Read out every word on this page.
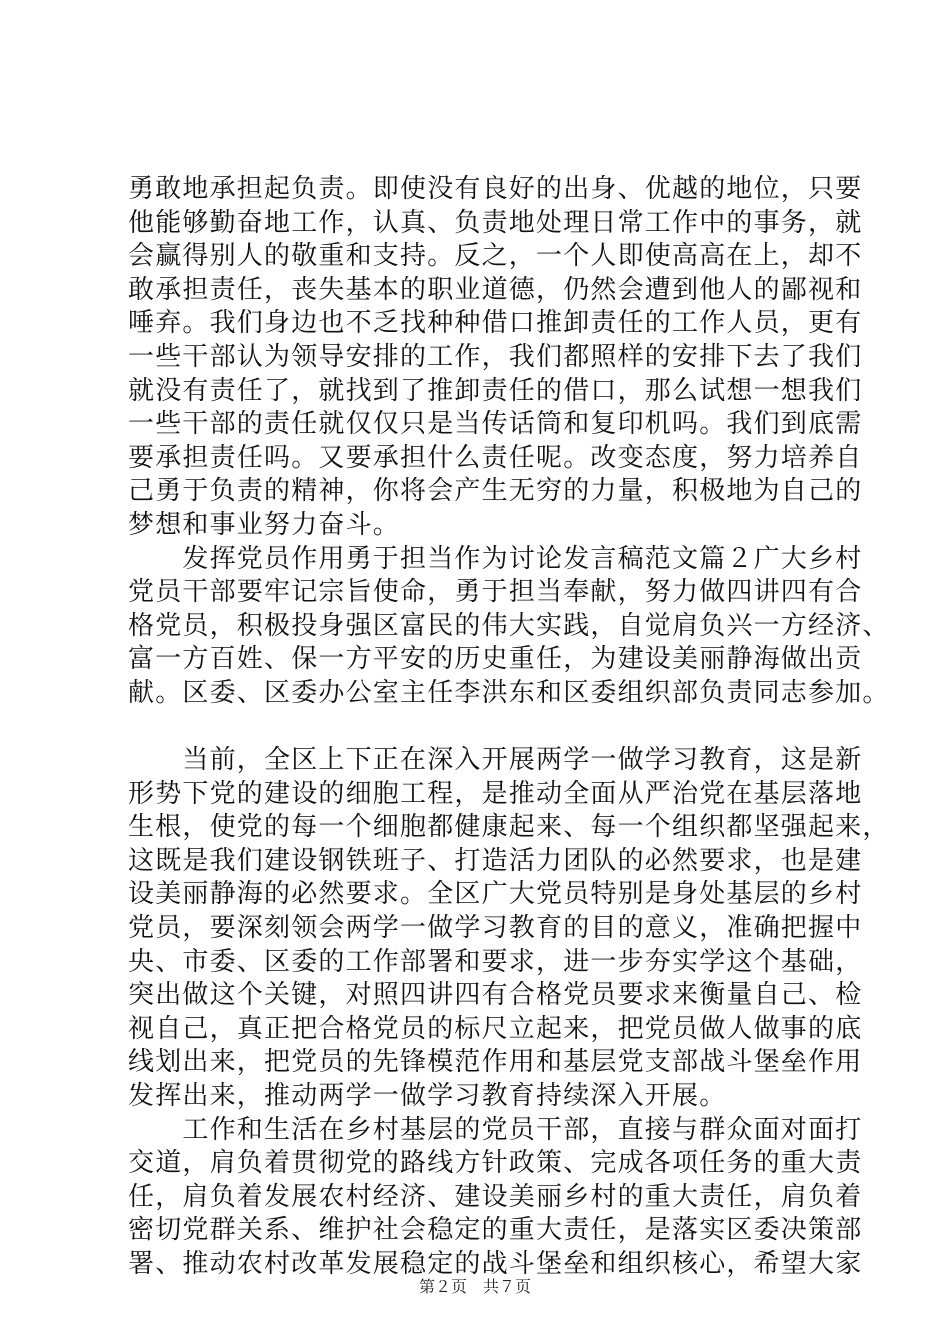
勇敢地承担起负责。即使没有良好的出身、优越的地位，只要
他能够勤奋地工作，认真、负责地处理日常工作中的事务，就
会赢得别人的敬重和支持。反之，一个人即使高高在上，却不
敢承担责任，丧失基本的职业道德，仍然会遭到他人的鄙视和
唾弃。我们身边也不乏找种种借口推卸责任的工作人员，更有
一些干部认为领导安排的工作，我们都照样的安排下去了我们
就没有责任了，就找到了推卸责任的借口，那么试想一想我们
一些干部的责任就仅仅只是当传话筒和复印机吗。我们到底需
要承担责任吗。又要承担什么责任呢。改变态度，努力培养自
己勇于负责的精神，你将会产生无穷的力量，积极地为自己的
梦想和事业努力奋斗。
　　发挥党员作用勇于担当作为讨论发言稿范文篇２广大乡村
党员干部要牢记宗旨使命，勇于担当奉献，努力做四讲四有合
格党员，积极投身强区富民的伟大实践，自觉肩负兴一方经济、
富一方百姓、保一方平安的历史重任，为建设美丽静海做出贡
献。区委、区委办公室主任李洪东和区委组织部负责同志参加。
　　当前，全区上下正在深入开展两学一做学习教育，这是新
形势下党的建设的细胞工程，是推动全面从严治党在基层落地
生根，使党的每一个细胞都健康起来、每一个组织都坚强起来，
这既是我们建设钢铁班子、打造活力团队的必然要求，也是建
设美丽静海的必然要求。全区广大党员特别是身处基层的乡村
党员，要深刻领会两学一做学习教育的目的意义，准确把握中
央、市委、区委的工作部署和要求，进一步夯实学这个基础，
突出做这个关键，对照四讲四有合格党员要求来衡量自己、检
视自己，真正把合格党员的标尺立起来，把党员做人做事的底
线划出来，把党员的先锋模范作用和基层党支部战斗堡垒作用
发挥出来，推动两学一做学习教育持续深入开展。
　　工作和生活在乡村基层的党员干部，直接与群众面对面打
交道，肩负着贯彻党的路线方针政策、完成各项任务的重大责
任，肩负着发展农村经济、建设美丽乡村的重大责任，肩负着
密切党群关系、维护社会稳定的重大责任，是落实区委决策部
署、推动农村改革发展稳定的战斗堡垒和组织核心，希望大家
第２页　共７页
